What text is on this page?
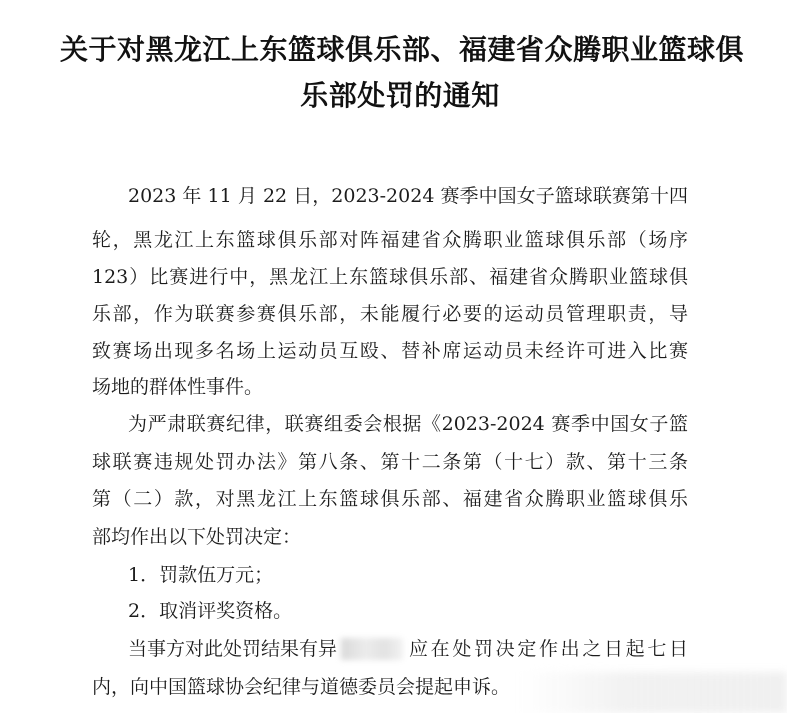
关于对黑龙江上东篮球俱乐部、福建省众腾职业篮球俱
乐部处罚的通知
2023 年 11 月 22 日，2023-2024 赛季中国女子篮球联赛第十四
轮，黑龙江上东篮球俱乐部对阵福建省众腾职业篮球俱乐部（场序
123）比赛进行中，黑龙江上东篮球俱乐部、福建省众腾职业篮球俱
乐部，作为联赛参赛俱乐部，未能履行必要的运动员管理职责，导
致赛场出现多名场上运动员互殴、替补席运动员未经许可进入比赛
场地的群体性事件。
为严肃联赛纪律，联赛组委会根据《2023-2024 赛季中国女子篮
球联赛违规处罚办法》第八条、第十二条第（十七）款、第十三条
第（二）款，对黑龙江上东篮球俱乐部、福建省众腾职业篮球俱乐
部均作出以下处罚决定：
1．罚款伍万元；
2．取消评奖资格。
当事方对此处罚结果有异	应在处罚决定作出之日起七日
内，向中国篮球协会纪律与道德委员会提起申诉。
